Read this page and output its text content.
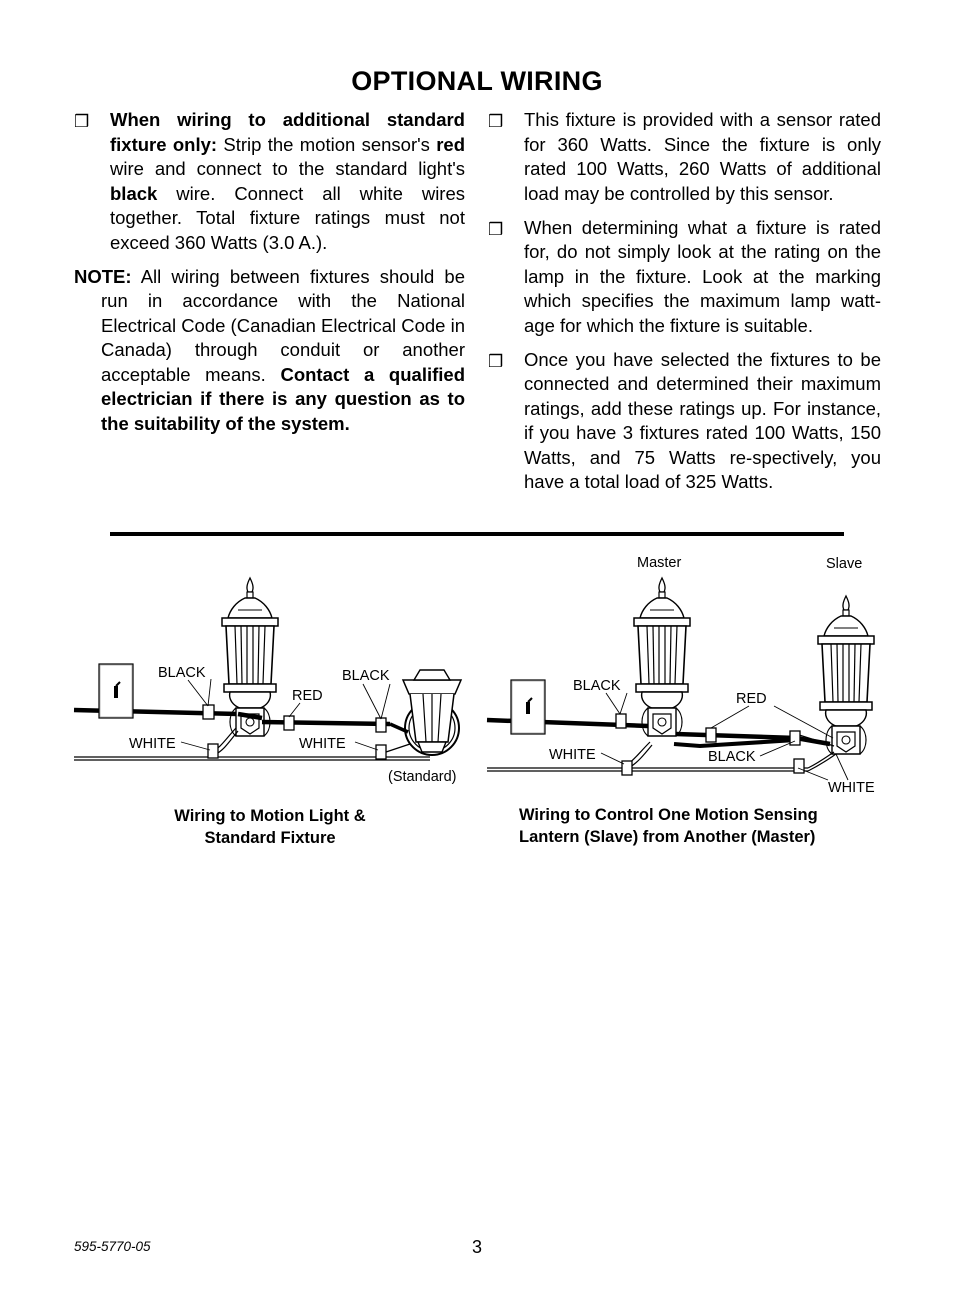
OPTIONAL WIRING
❒ When wiring to additional standard fixture only: Strip the motion sensor's red wire and connect to the standard light's black wire. Connect all white wires together. Total fixture ratings must not exceed 360 Watts (3.0 A.).
NOTE: All wiring between fixtures should be run in accordance with the National Electrical Code (Canadian Electrical Code in Canada) through conduit or another acceptable means. Contact a qualified electrician if there is any question as to the suitability of the system.
❒ This fixture is provided with a sensor rated for 360 Watts. Since the fixture is only rated 100 Watts, 260 Watts of additional load may be controlled by this sensor.
❒ When determining what a fixture is rated for, do not simply look at the rating on the lamp in the fixture. Look at the marking which specifies the maximum lamp watt-age for which the fixture is suitable.
❒ Once you have selected the fixtures to be connected and determined their maximum ratings, add these ratings up. For instance, if you have 3 fixtures rated 100 Watts, 150 Watts, and 75 Watts re-spectively, you have a total load of 325 Watts.
BLACK	BLACK
RED
WHITE	WHITE
(Standard)
Master	Slave
BLACK
RED
WHITE	BLACK
WHITE
Wiring to Motion Light &
Standard Fixture
Wiring to Control One Motion Sensing
Lantern (Slave) from Another (Master)
595-5770-05	3
